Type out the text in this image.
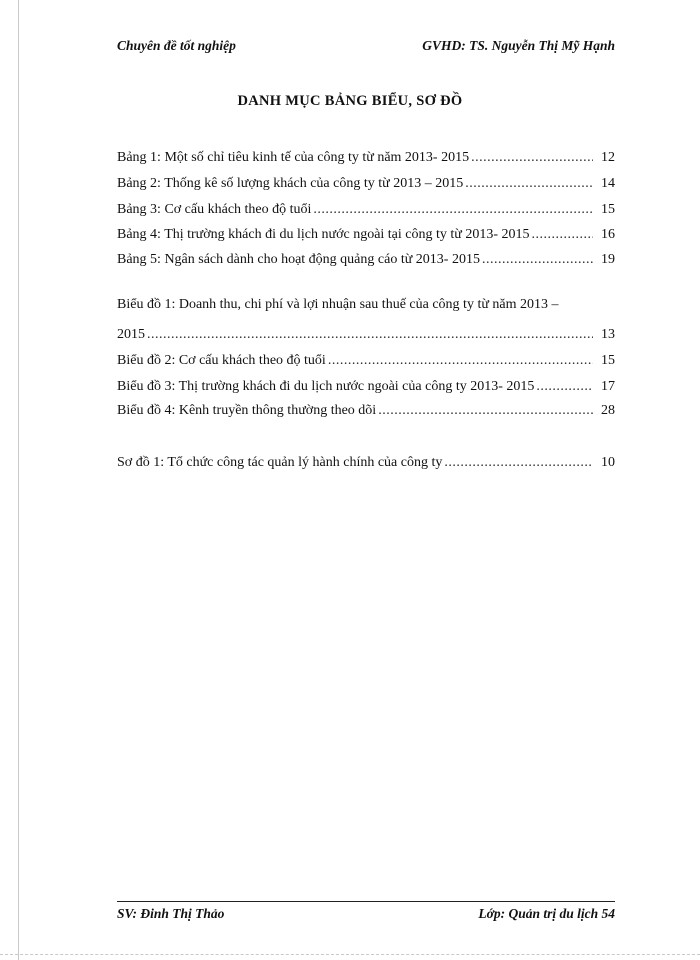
Chuyên đề tốt nghiệp	GVHD: TS. Nguyễn Thị Mỹ Hạnh
DANH MỤC BẢNG BIỂU, SƠ ĐỒ
Bảng 1: Một số chỉ tiêu kinh tế của công ty từ năm 2013- 2015 .....	12
Bảng 2: Thống kê số lượng khách của công ty từ 2013 – 2015 .....	14
Bảng 3: Cơ cấu khách theo độ tuổi .....	15
Bảng 4: Thị trường khách đi du lịch nước ngoài tại công ty từ 2013- 2015 .....	16
Bảng 5: Ngân sách dành cho hoạt động quảng cáo từ 2013- 2015 .....	19
Biểu đồ 1: Doanh thu, chi phí và lợi nhuận sau thuế của công ty từ năm 2013 –
2015 .....	13
Biểu đồ 2: Cơ cấu khách theo độ tuổi .....	15
Biểu đồ 3: Thị trường khách đi du lịch nước ngoài của công ty 2013- 2015 .....	17
Biểu đồ 4: Kênh truyền thông thường theo dõi .....	28
Sơ đồ 1: Tổ chức công tác quản lý hành chính của công ty .....	10
SV: Đinh Thị Thảo	Lớp: Quản trị du lịch 54
